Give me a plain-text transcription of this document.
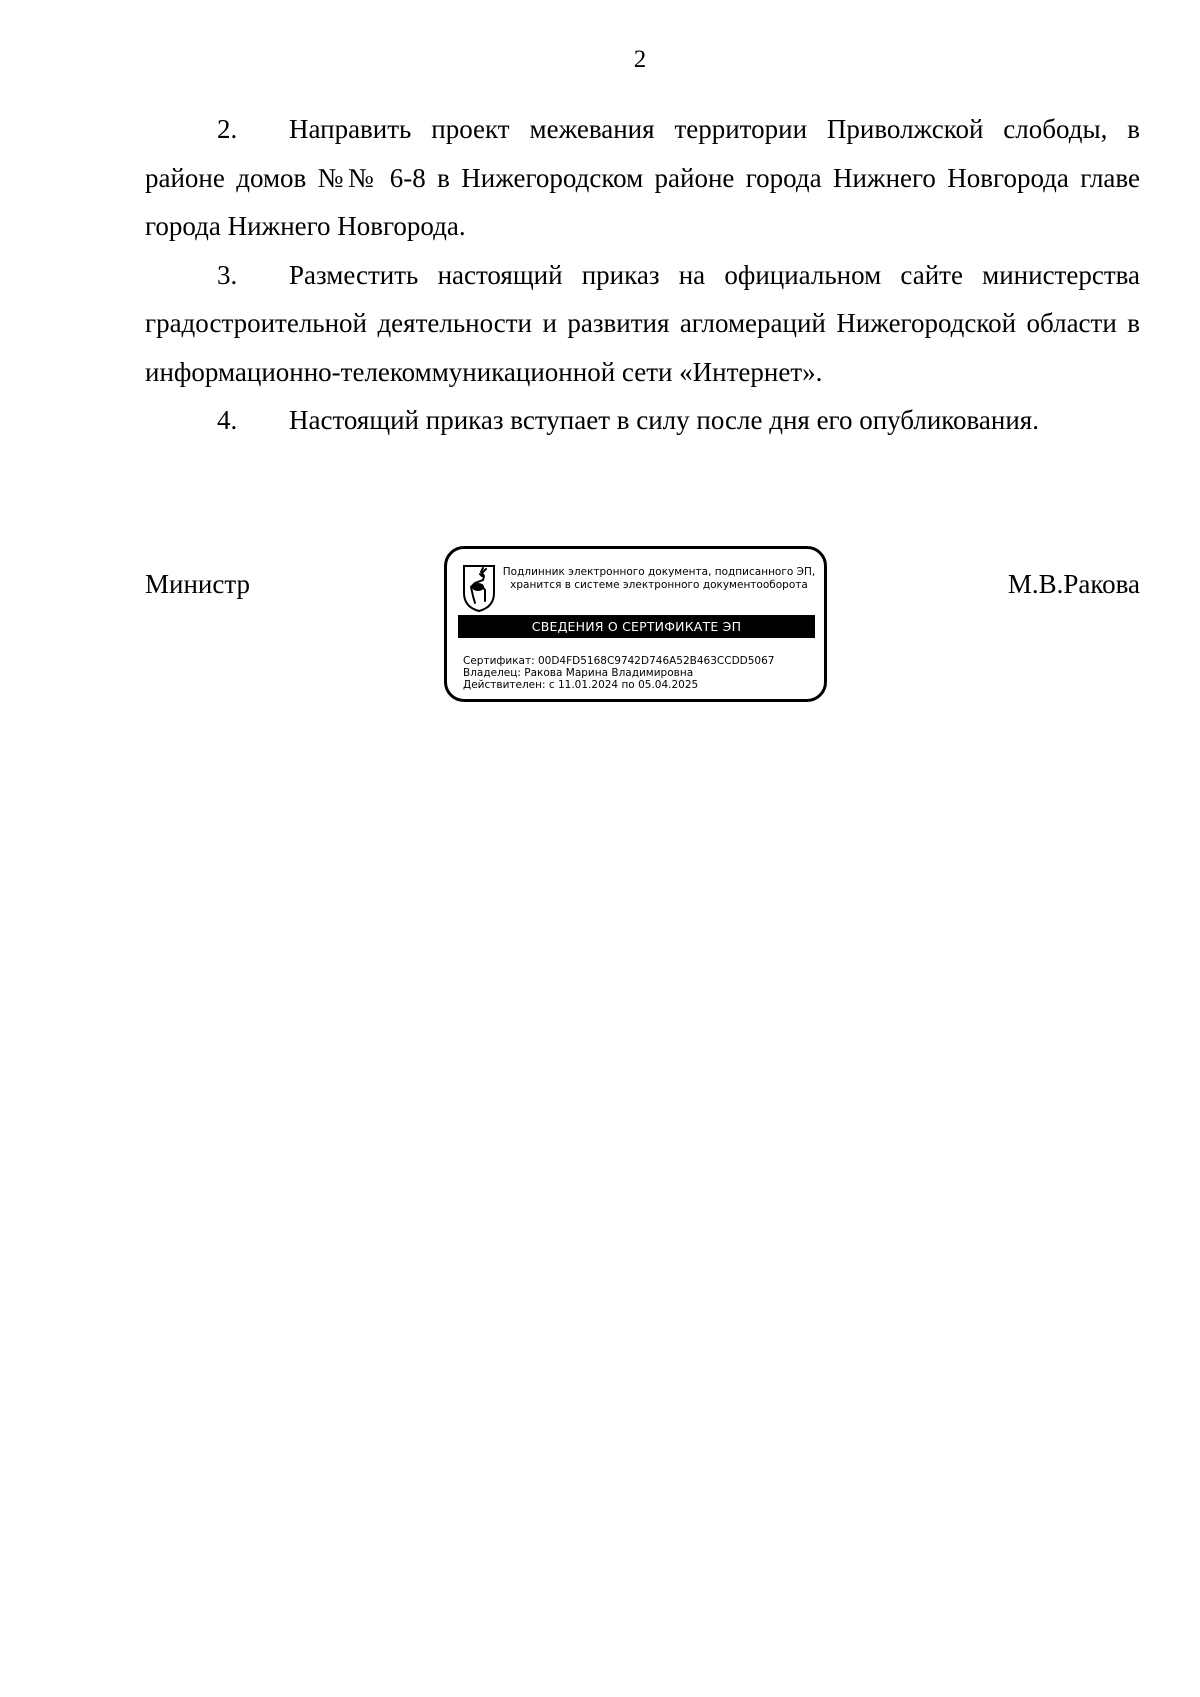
2

2. Направить проект межевания территории Приволжской слободы, в районе домов №№ 6-8 в Нижегородском районе города Нижнего Новгорода главе города Нижнего Новгорода.

3. Разместить настоящий приказ на официальном сайте министерства градостроительной деятельности и развития агломераций Нижегородской области в информационно-телекоммуникационной сети «Интернет».

4. Настоящий приказ вступает в силу после дня его опубликования.

Министр	Подлинник электронного документа, подписанного ЭП,
хранится в системе электронного документооборота
СВЕДЕНИЯ О СЕРТИФИКАТЕ ЭП
Сертификат: 00D4FD5168C9742D746A52B463CCDD5067
Владелец: Ракова Марина Владимировна
Действителен: с 11.01.2024 по 05.04.2025
М.В.Ракова
